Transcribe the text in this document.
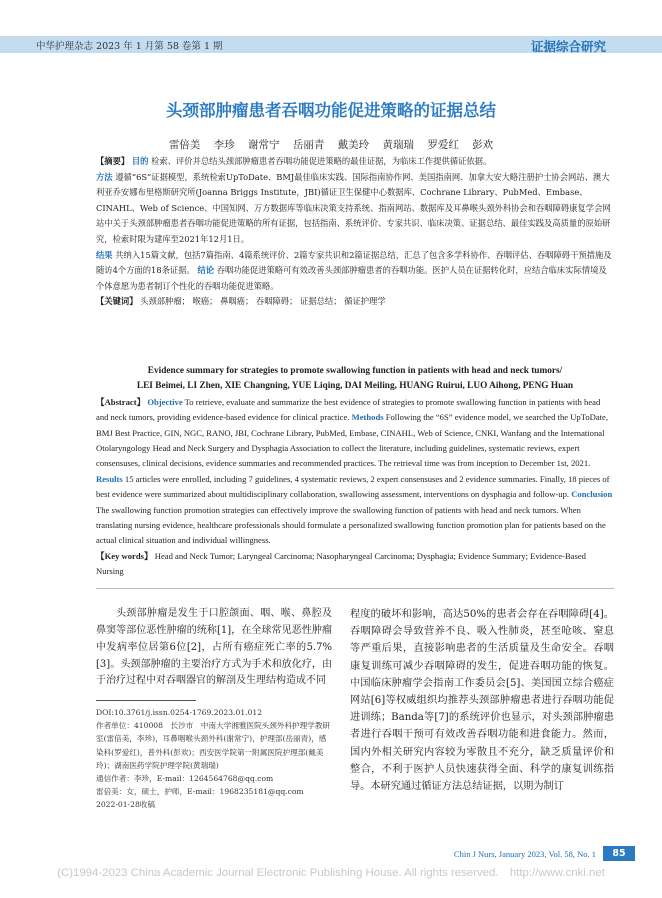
中华护理杂志 2023 年 1 月第 58 卷第 1 期	证据综合研究
头颈部肿瘤患者吞咽功能促进策略的证据总结
雷倍美 李珍 谢常宁 岳丽青 戴美玲 黄瑞瑞 罗爱红 彭欢
【摘要】 目的 检索、评价并总结头颈部肿瘤患者吞咽功能促进策略的最佳证据，为临床工作提供循证依据。
方法 遵循“6S”证据模型，系统检索UpToDate、BMJ最佳临床实践、国际指南协作网、美国指南网、加拿大安大略注册护士协会网站、澳大利亚乔安娜布里格斯研究所(Joanna Briggs Institute，JBI)循证卫生保健中心数据库、Cochrane Library、PubMed、Embase、CINAHL、Web of Science、中国知网、万方数据库等临床决策支持系统、指南网站、数据库及耳鼻喉头颈外科协会和吞咽障碍康复学会网站中关于头颈部肿瘤患者吞咽功能促进策略的所有证据，包括指南、系统评价、专家共识、临床决策、证据总结、最佳实践及高质量的原始研究，检索时限为建库至2021年12月1日。
结果 共纳入15篇文献，包括7篇指南、4篇系统评价、2篇专家共识和2篇证据总结，汇总了包含多学科协作、吞咽评估、吞咽障碍干预措施及随访4个方面的18条证据。 结论 吞咽功能促进策略可有效改善头颈部肿瘤患者的吞咽功能。医护人员在证据转化时，应结合临床实际情境及个体意愿为患者制订个性化的吞咽功能促进策略。
【关键词】 头颈部肿瘤； 喉癌； 鼻咽癌； 吞咽障碍； 证据总结； 循证护理学
Evidence summary for strategies to promote swallowing function in patients with head and neck tumors/
LEI Beimei, LI Zhen, XIE Changning, YUE Liqing, DAI Meiling, HUANG Ruirui, LUO Aihong, PENG Huan
【Abstract】 Objective To retrieve, evaluate and summarize the best evidence of strategies to promote swallowing function in patients with head and neck tumors, providing evidence-based evidence for clinical practice. Methods Following the “6S” evidence model, we searched the UpToDate, BMJ Best Practice, GIN, NGC, RANO, JBI, Cochrane Library, PubMed, Embase, CINAHL, Web of Science, CNKI, Wanfang and the International Otolaryngology Head and Neck Surgery and Dysphagia Association to collect the literature, including guidelines, systematic reviews, expert consensuses, clinical decisions, evidence summaries and recommended practices. The retrieval time was from inception to December 1st, 2021. Results 15 articles were enrolled, including 7 guidelines, 4 systematic reviews, 2 expert consensuses and 2 evidence summaries. Finally, 18 pieces of best evidence were summarized about multidisciplinary collaboration, swallowing assessment, interventions on dysphagia and follow-up. Conclusion The swallowing function promotion strategies can effectively improve the swallowing function of patients with head and neck tumors. When translating nursing evidence, healthcare professionals should formulate a personalized swallowing function promotion plan for patients based on the actual clinical situation and individual willingness.
【Key words】 Head and Neck Tumor; Laryngeal Carcinoma; Nasopharyngeal Carcinoma; Dysphagia; Evidence Summary; Evidence-Based Nursing

头颈部肿瘤是发生于口腔颌面、咽、喉、鼻腔及鼻窦等部位恶性肿瘤的统称[1]，在全球常见恶性肿瘤中发病率位居第6位[2]，占所有癌症死亡率的5.7%[3]。头颈部肿瘤的主要治疗方式为手术和放化疗，由于治疗过程中对吞咽器官的解剖及生理结构造成不同

DOI:10.3761/j.issn.0254-1769.2023.01.012
作者单位：410008　长沙市　中南大学湘雅医院头颈外科护理学教研室(雷倍美，李珍)，耳鼻咽喉头颈外科(谢常宁)，护理部(岳丽青)，感染科(罗爱红)，普外科(彭欢)；西安医学院第一附属医院护理部(戴美玲)；湖南医药学院护理学院(黄瑞瑞)
通信作者：李珍，E-mail：1264564768@qq.com
雷倍美：女，硕士，护师，E-mail：1968235181@qq.com
2022-01-28收稿

程度的破坏和影响，高达50%的患者会存在吞咽障碍[4]。吞咽障碍会导致营养不良、吸入性肺炎，甚至呛咳、窒息等严重后果，直接影响患者的生活质量及生命安全。吞咽康复训练可减少吞咽障碍的发生，促进吞咽功能的恢复。中国临床肿瘤学会指南工作委员会[5]、美国国立综合癌症网站[6]等权威组织均推荐头颈部肿瘤患者进行吞咽功能促进训练；Banda等[7]的系统评价也显示，对头颈部肿瘤患者进行吞咽干预可有效改善吞咽功能和进食能力。然而，国内外相关研究内容较为零散且不充分，缺乏质量评价和整合，不利于医护人员快速获得全面、科学的康复训练指导。本研究通过循证方法总结证据，以期为制订

Chin J Nurs, January 2023, Vol. 58, No. 1	85
(C)1994-2023 China Academic Journal Electronic Publishing House. All rights reserved.　http://www.cnki.net
